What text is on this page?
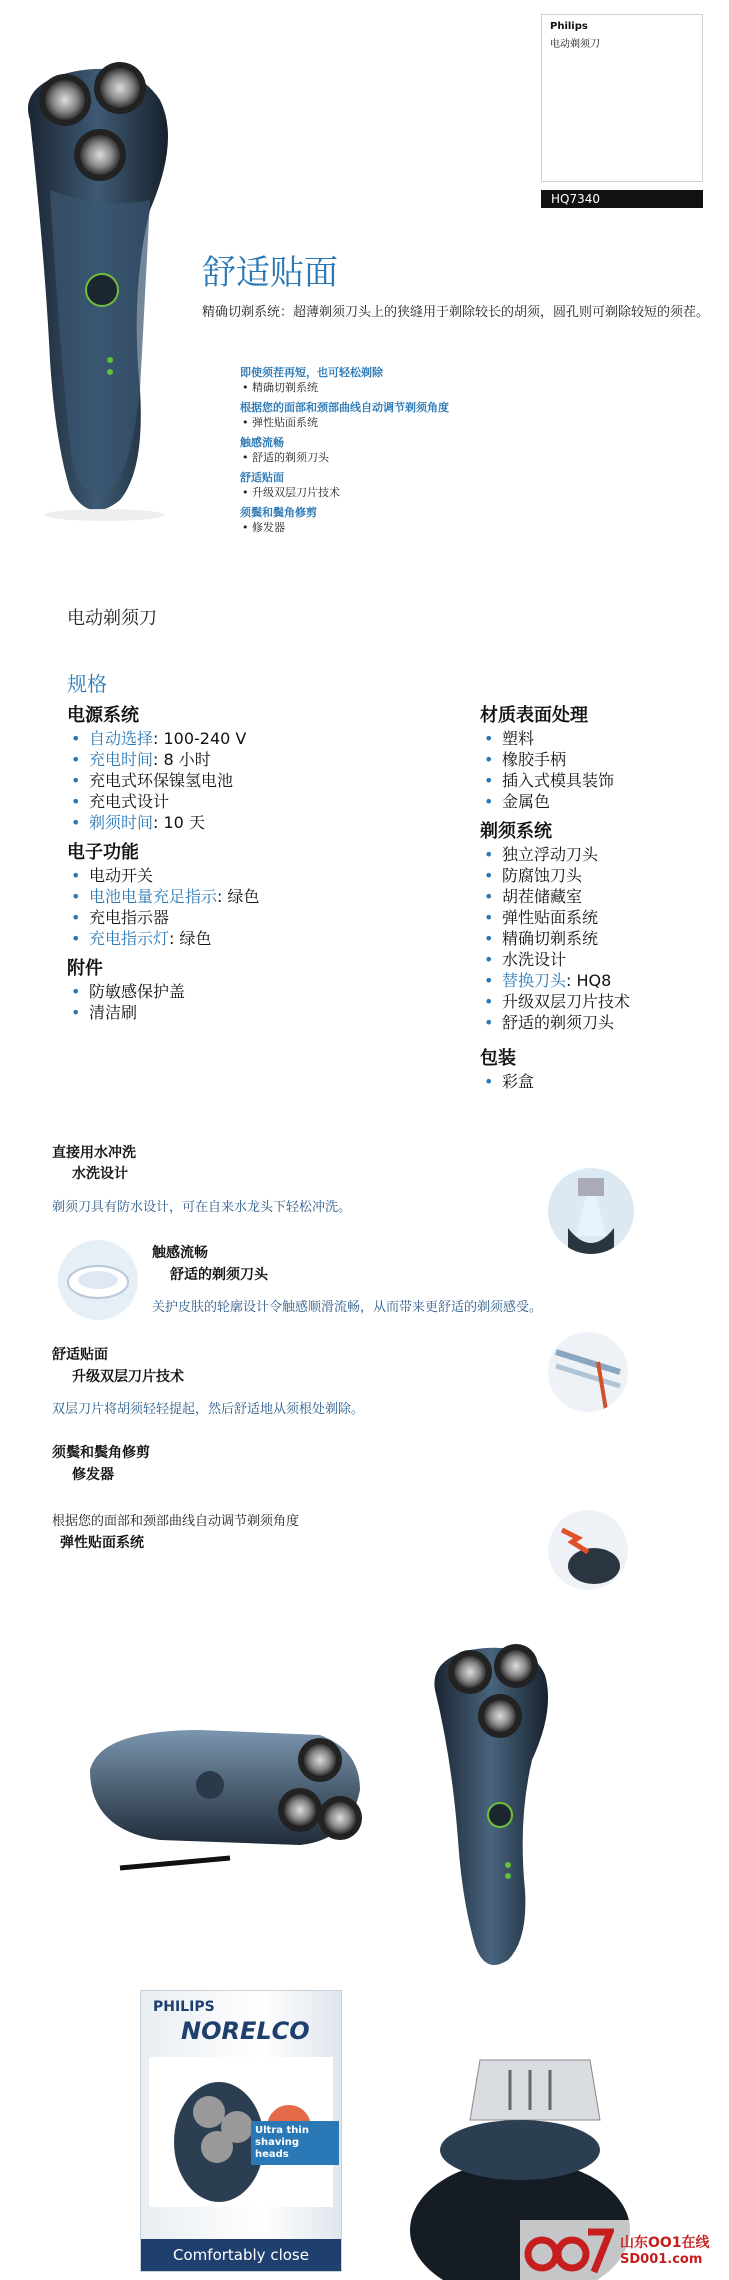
Philips
电动剃须刀
HQ7340
舒适贴面
精确切剃系统：超薄剃须刀头上的狭缝用于剃除较长的胡须，圆孔则可剃除较短的须茬。
即使须茬再短，也可轻松剃除
• 精确切剃系统
根据您的面部和颈部曲线自动调节剃须角度
• 弹性贴面系统
触感流畅
• 舒适的剃须刀头
舒适贴面
• 升级双层刀片技术
须鬓和鬓角修剪
• 修发器
电动剃须刀
规格
电源系统
• 自动选择: 100-240 V
• 充电时间: 8 小时
• 充电式环保镍氢电池
• 充电式设计
• 剃须时间: 10 天
电子功能
• 电动开关
• 电池电量充足指示: 绿色
• 充电指示器
• 充电指示灯: 绿色
附件
• 防敏感保护盖
• 清洁刷
材质表面处理
• 塑料
• 橡胶手柄
• 插入式模具装饰
• 金属色
剃须系统
• 独立浮动刀头
• 防腐蚀刀头
• 胡茬储藏室
• 弹性贴面系统
• 精确切剃系统
• 水洗设计
• 替换刀头: HQ8
• 升级双层刀片技术
• 舒适的剃须刀头
包装
• 彩盒
直接用水冲洗
水洗设计
剃须刀具有防水设计，可在自来水龙头下轻松冲洗。
触感流畅
舒适的剃须刀头
关护皮肤的轮廓设计令触感顺滑流畅，从而带来更舒适的剃须感受。
舒适贴面
升级双层刀片技术
双层刀片将胡须轻轻提起，然后舒适地从须根处剃除。
须鬓和鬓角修剪
修发器
根据您的面部和颈部曲线自动调节剃须角度
弹性贴面系统
PHILIPS
NORELCO
Ultra thin shaving heads
Comfortably close
山东OO1在线
SD001.com
